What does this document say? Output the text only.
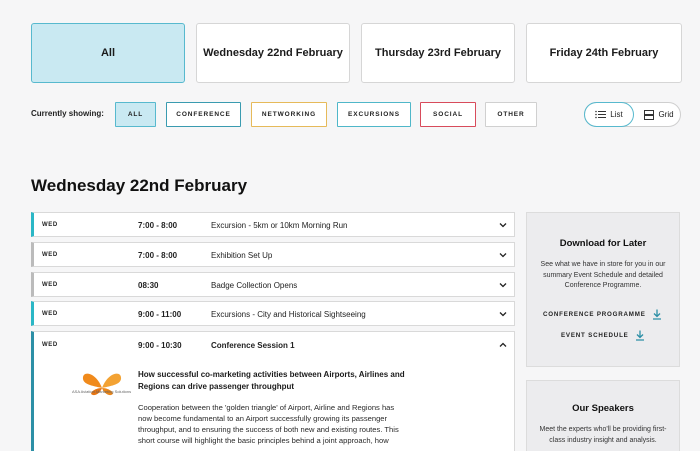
All	Wednesday 22nd February	Thursday 23rd February	Friday 24th February
Currently showing:	ALL	CONFERENCE	NETWORKING	EXCURSIONS	SOCIAL	OTHER	List	Grid
Wednesday 22nd February
WED	7:00 - 8:00	Excursion - 5km or 10km Morning Run
WED	7:00 - 8:00	Exhibition Set Up
WED	08:30	Badge Collection Opens
WED	9:00 - 11:00	Excursions - City and Historical Sightseeing
WED	9:00 - 10:30	Conference Session 1
ASA Aviation Marketing Solutions

How successful co-marketing activities between Airports, Airlines and Regions can drive passenger throughput

Cooperation between the 'golden triangle' of Airport, Airline and Regions has now become fundamental to an Airport successfully growing its passenger throughput, and to ensuring the success of both new and existing routes. This short course will highlight the basic principles behind a joint approach, how

Download for Later
See what we have in store for you in our summary Event Schedule and detailed Conference Programme.
CONFERENCE PROGRAMME
EVENT SCHEDULE
Our Speakers
Meet the experts who'll be providing first-class industry insight and analysis.
